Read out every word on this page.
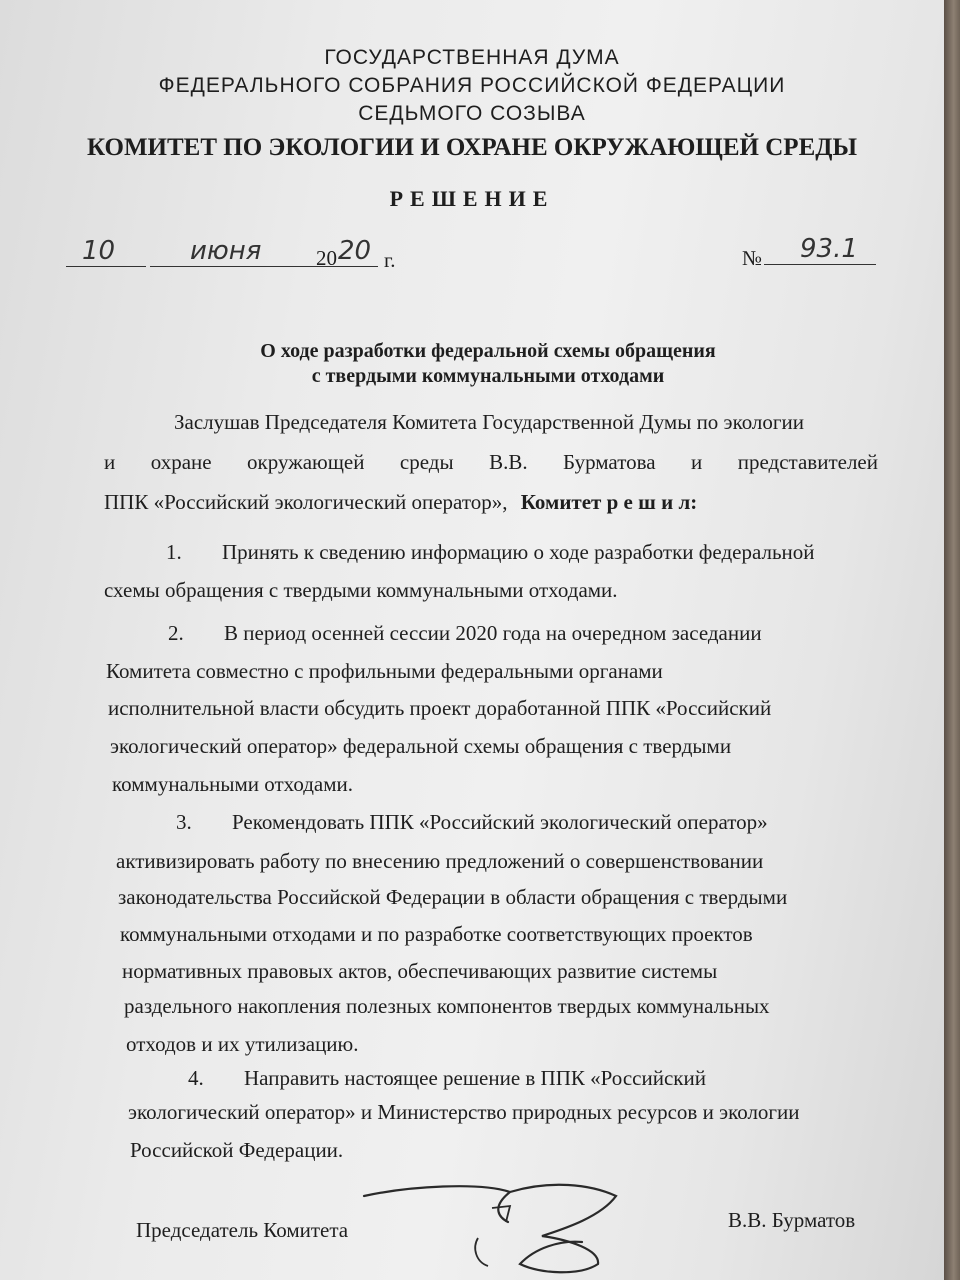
ГОСУДАРСТВЕННАЯ ДУМА
ФЕДЕРАЛЬНОГО СОБРАНИЯ РОССИЙСКОЙ ФЕДЕРАЦИИ
СЕДЬМОГО СОЗЫВА
КОМИТЕТ ПО ЭКОЛОГИИ И ОХРАНЕ ОКРУЖАЮЩЕЙ СРЕДЫ
РЕШЕНИЕ
10	июня	20 20 г.	№ 93.1
О ходе разработки федеральной схемы обращения
с твердыми коммунальными отходами
Заслушав Председателя Комитета Государственной Думы по экологии
и охране окружающей среды В.В. Бурматова и представителей
ППК «Российский экологический оператор», Комитет р е ш и л:
1. Принять к сведению информацию о ходе разработки федеральной
схемы обращения с твердыми коммунальными отходами.
2. В период осенней сессии 2020 года на очередном заседании
Комитета совместно с профильными федеральными органами
исполнительной власти обсудить проект доработанной ППК «Российский
экологический оператор» федеральной схемы обращения с твердыми
коммунальными отходами.
3. Рекомендовать ППК «Российский экологический оператор»
активизировать работу по внесению предложений о совершенствовании
законодательства Российской Федерации в области обращения с твердыми
коммунальными отходами и по разработке соответствующих проектов
нормативных правовых актов, обеспечивающих развитие системы
раздельного накопления полезных компонентов твердых коммунальных
отходов и их утилизацию.
4. Направить настоящее решение в ППК «Российский
экологический оператор» и Министерство природных ресурсов и экологии
Российской Федерации.
Председатель Комитета	В.В. Бурматов
